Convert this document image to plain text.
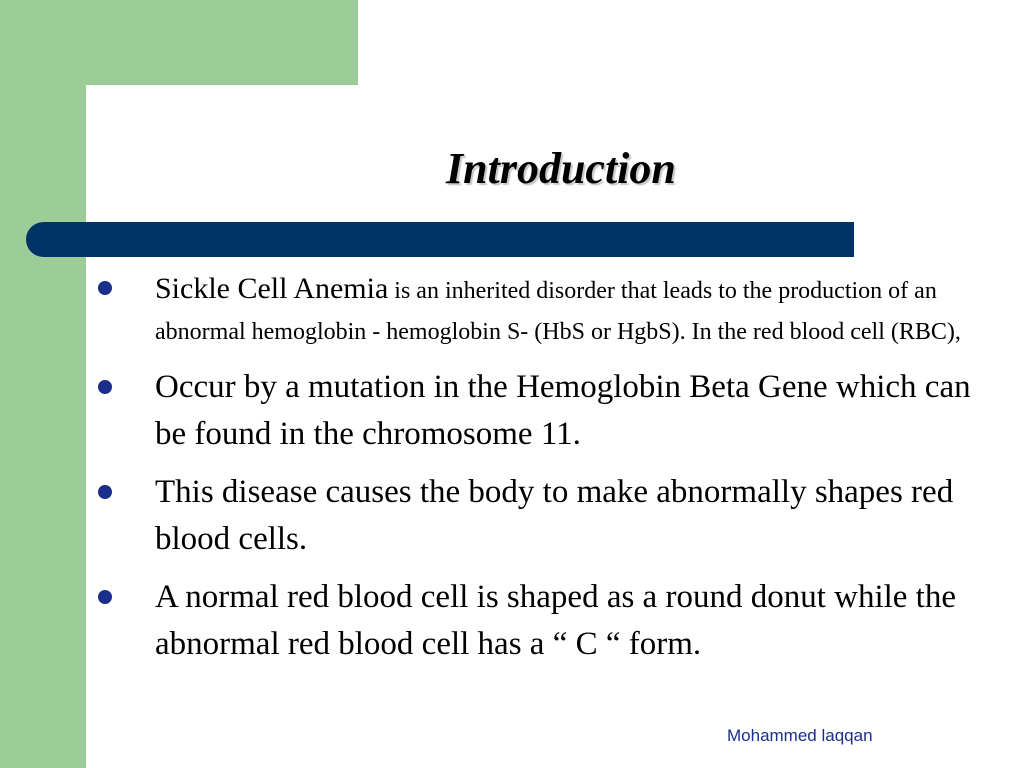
Introduction
Sickle Cell Anemia is an inherited disorder that leads to the production of an abnormal hemoglobin - hemoglobin S- (HbS or HgbS). In the red blood cell (RBC),
Occur by a mutation in the Hemoglobin Beta Gene which can be found in the chromosome 11.
This disease causes the body to make abnormally shapes red blood cells.
A normal red blood cell is shaped as a round donut while the abnormal red blood cell has a “ C “ form.
Mohammed laqqan
